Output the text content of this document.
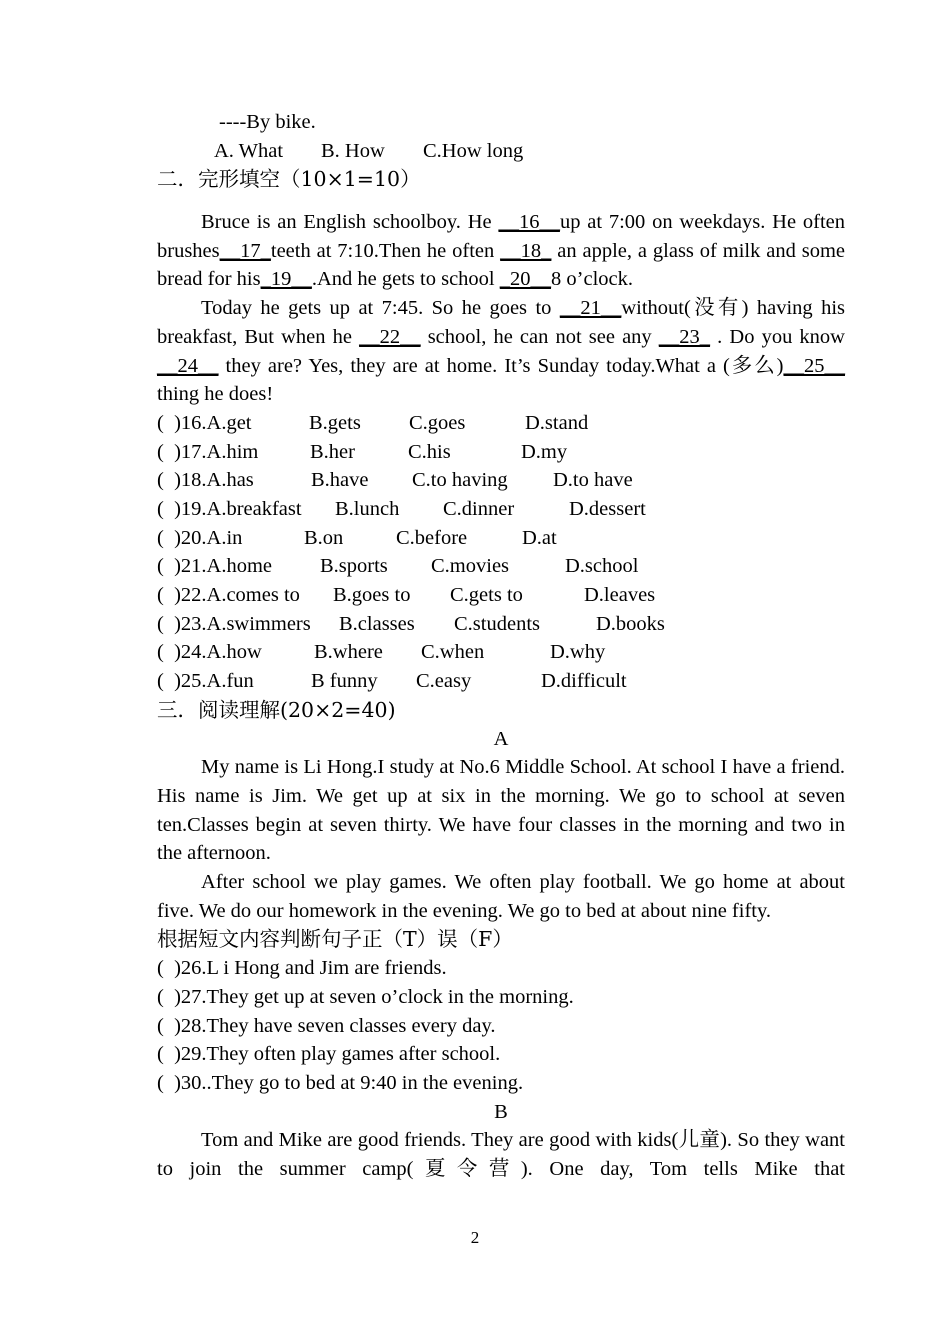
----By bike.
A. What B. How C.How long
二．完形填空（10×1=10）

Bruce is an English schoolboy. He __16__up at 7:00 on weekdays. He often brushes__17_teeth at 7:10.Then he often __18_ an apple, a glass of milk and some bread for his_19__.And he gets to school _20__8 o’clock.

Today he gets up at 7:45. So he goes to __21__without(没有) having his breakfast, But when he __22__ school, he can not see any __23_ . Do you know __24__ they are? Yes, they are at home. It’s Sunday today.What a (多么)__25__ thing he does!

(  )16.A.get	B.gets C.goes	D.stand
(  )17.A.him	B.her	C.his	D.my
(  )18.A.has	B.have C.to having D.to have
(  )19.A.breakfast B.lunch C.dinner	D.dessert
(  )20.A.in	B.on	C.before	D.at
(  )21.A.home B.sports C.movies	D.school
(  )22.A.comes to B.goes to C.gets to	D.leaves
(  )23.A.swimmers B.classes C.students	D.books
(  )24.A.how	B.where C.when	D.why
(  )25.A.fun	B funny C.easy	D.difficult
三．阅读理解(20×2=40)
A

My name is Li Hong.I study at No.6 Middle School. At school I have a friend. His name is Jim. We get up at six in the morning. We go to school at seven ten.Classes begin at seven thirty. We have four classes in the morning and two in the afternoon.

After school we play games. We often play football. We go home at about five. We do our homework in the evening. We go to bed at about nine fifty.

根据短文内容判断句子正（T）误（F）
(  )26.L i Hong and Jim are friends.
(  )27.They get up at seven o’clock in the morning.
(  )28.They have seven classes every day.
(  )29.They often play games after school.
(  )30..They go to bed at 9:40 in the evening.
B

Tom and Mike are good friends. They are good with kids(儿童). So they want to join the summer camp(夏令营). One day, Tom tells Mike that

2
